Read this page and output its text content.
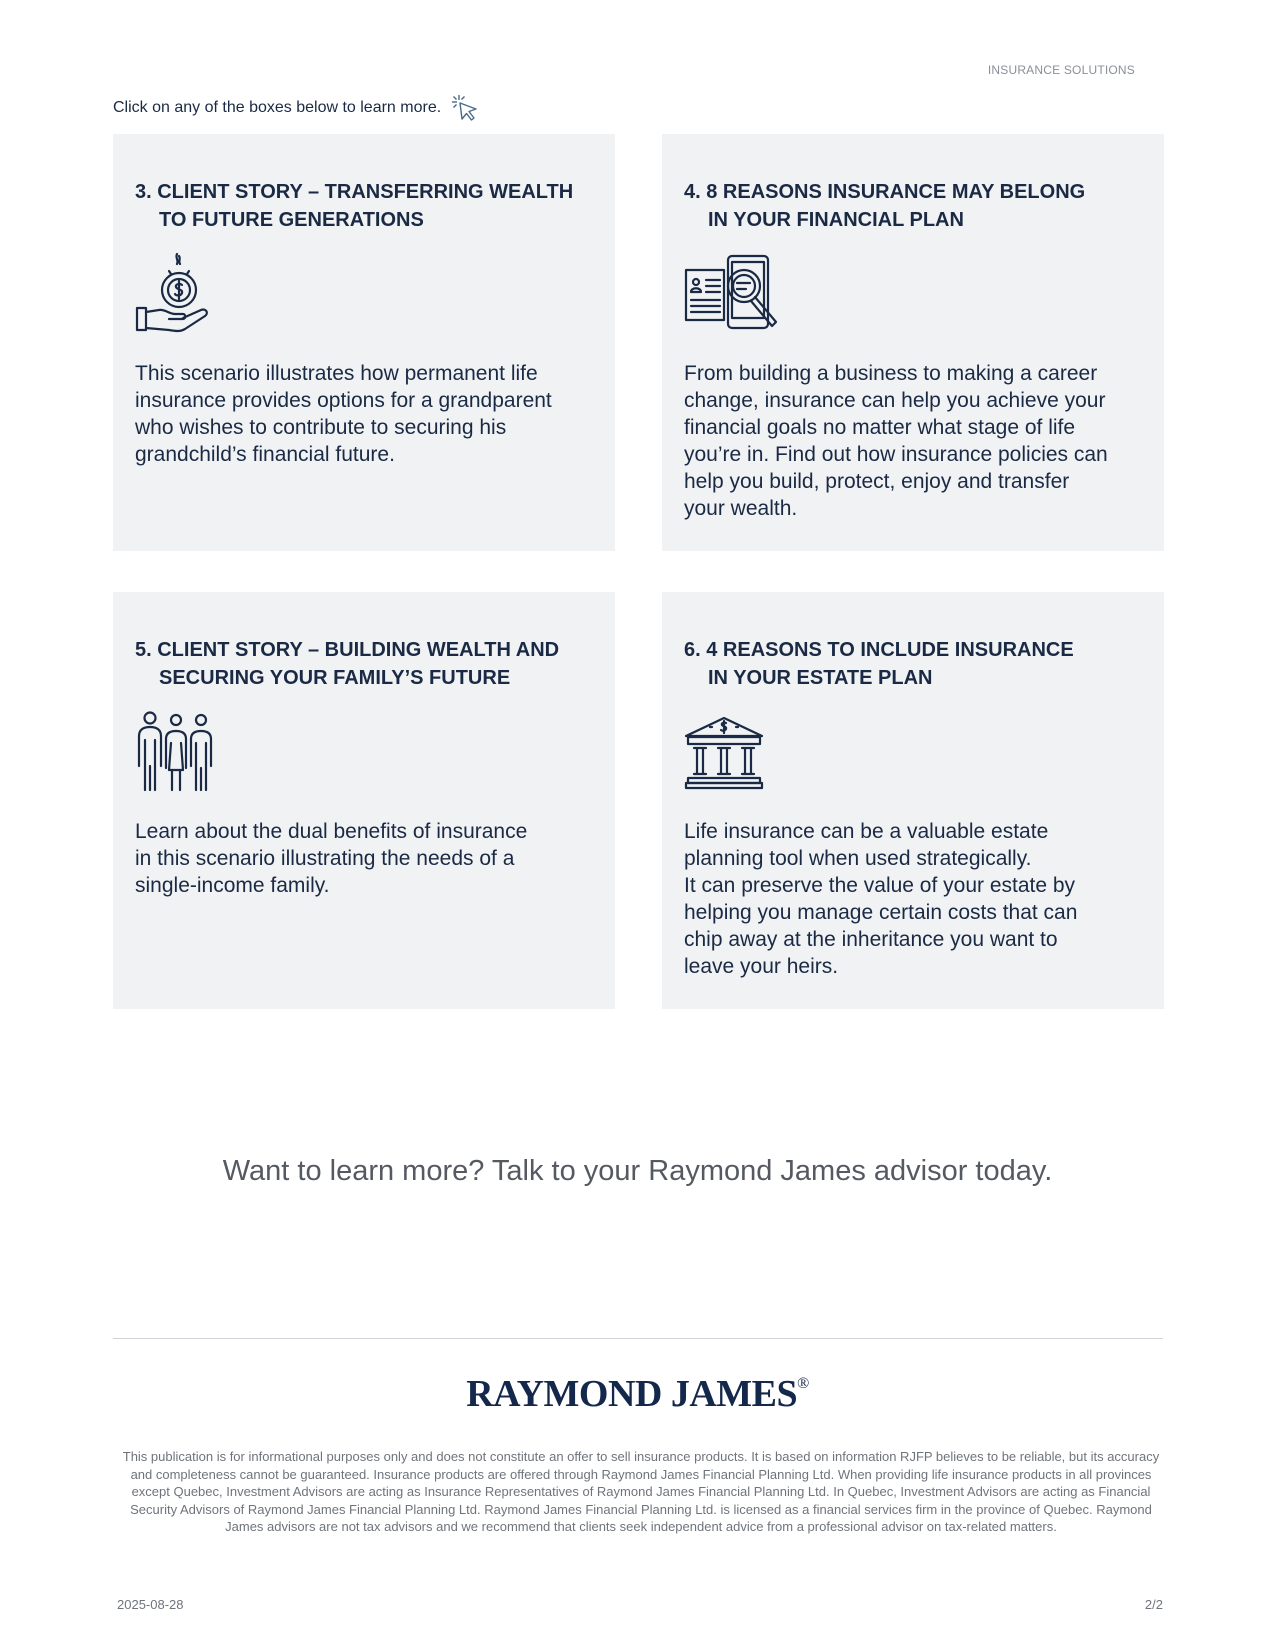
INSURANCE SOLUTIONS
Click on any of the boxes below to learn more.
3. CLIENT STORY – TRANSFERRING WEALTH
TO FUTURE GENERATIONS

This scenario illustrates how permanent life
insurance provides options for a grandparent
who wishes to contribute to securing his
grandchild’s financial future.

4. 8 REASONS INSURANCE MAY BELONG
IN YOUR FINANCIAL PLAN

From building a business to making a career
change, insurance can help you achieve your
financial goals no matter what stage of life
you’re in. Find out how insurance policies can
help you build, protect, enjoy and transfer
your wealth.

5. CLIENT STORY – BUILDING WEALTH AND
SECURING YOUR FAMILY’S FUTURE

Learn about the dual benefits of insurance
in this scenario illustrating the needs of a
single-income family.

6. 4 REASONS TO INCLUDE INSURANCE
IN YOUR ESTATE PLAN

Life insurance can be a valuable estate
planning tool when used strategically.
It can preserve the value of your estate by
helping you manage certain costs that can
chip away at the inheritance you want to
leave your heirs.

Want to learn more? Talk to your Raymond James advisor today.
RAYMOND JAMES®
This publication is for informational purposes only and does not constitute an offer to sell insurance products. It is based on information RJFP believes to be reliable, but its accuracy and completeness cannot be guaranteed. Insurance products are offered through Raymond James Financial Planning Ltd. When providing life insurance products in all provinces except Quebec, Investment Advisors are acting as Insurance Representatives of Raymond James Financial Planning Ltd. In Quebec, Investment Advisors are acting as Financial Security Advisors of Raymond James Financial Planning Ltd. Raymond James Financial Planning Ltd. is licensed as a financial services firm in the province of Quebec. Raymond James advisors are not tax advisors and we recommend that clients seek independent advice from a professional advisor on tax-related matters.
2025-08-28	2/2
